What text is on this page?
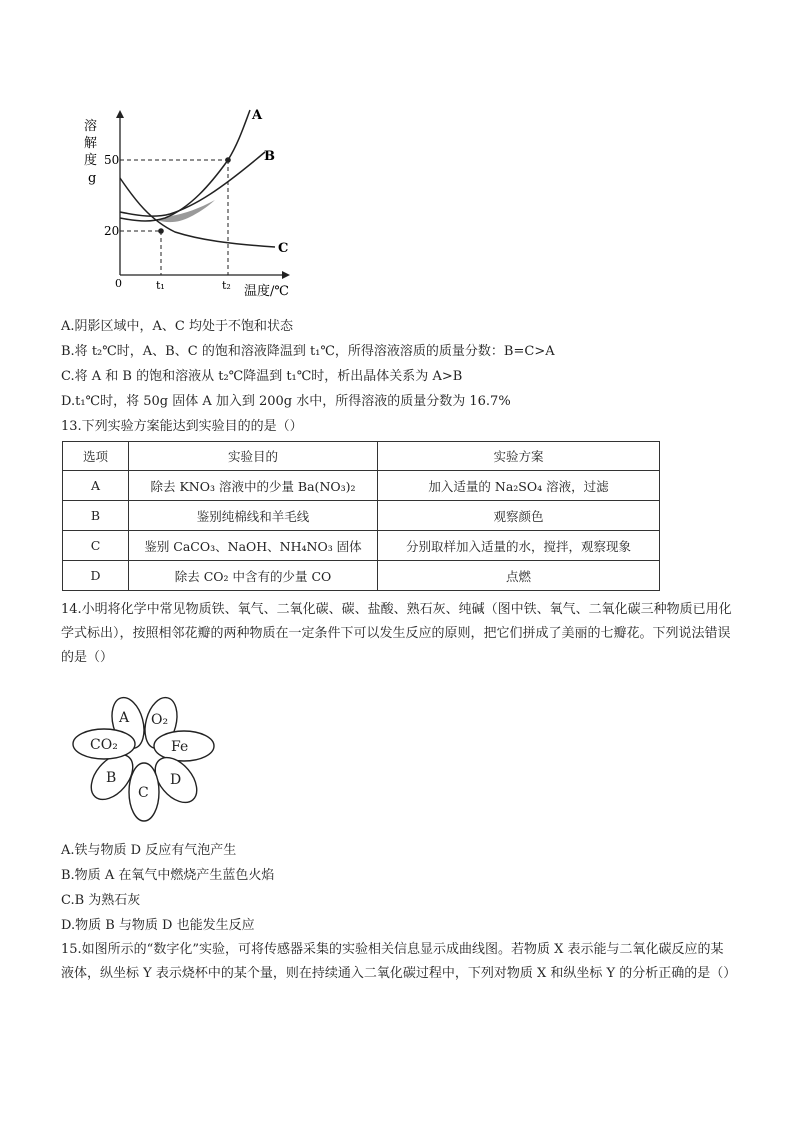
溶
解
度
g
50
20
0	t₁	t₂ 温度/℃
A
B
C
A.阴影区域中，A、C 均处于不饱和状态
B.将 t₂℃时，A、B、C 的饱和溶液降温到 t₁℃，所得溶液溶质的质量分数：B=C>A
C.将 A 和 B 的饱和溶液从 t₂℃降温到 t₁℃时，析出晶体关系为 A>B
D.t₁℃时，将 50g 固体 A 加入到 200g 水中，所得溶液的质量分数为 16.7%
13.下列实验方案能达到实验目的的是（）
选项	实验目的	实验方案
A	除去 KNO₃ 溶液中的少量 Ba(NO₃)₂	加入适量的 Na₂SO₄ 溶液，过滤
B	鉴别纯棉线和羊毛线	观察颜色
C	鉴别 CaCO₃、NaOH、NH₄NO₃ 固体	分别取样加入适量的水，搅拌，观察现象
D	除去 CO₂ 中含有的少量 CO	点燃
14.小明将化学中常见物质铁、氧气、二氧化碳、碳、盐酸、熟石灰、纯碱（图中铁、氧气、二氧化碳三种物质已用化学式标出），按照相邻花瓣的两种物质在一定条件下可以发生反应的原则，把它们拼成了美丽的七瓣花。下列说法错误的是（）
A O₂
Fe
D
C
B
CO₂
A.铁与物质 D 反应有气泡产生
B.物质 A 在氧气中燃烧产生蓝色火焰
C.B 为熟石灰
D.物质 B 与物质 D 也能发生反应
15.如图所示的“数字化”实验，可将传感器采集的实验相关信息显示成曲线图。若物质 X 表示能与二氧化碳反应的某液体，纵坐标 Y 表示烧杯中的某个量，则在持续通入二氧化碳过程中，下列对物质 X 和纵坐标 Y 的分析正确的是（）
